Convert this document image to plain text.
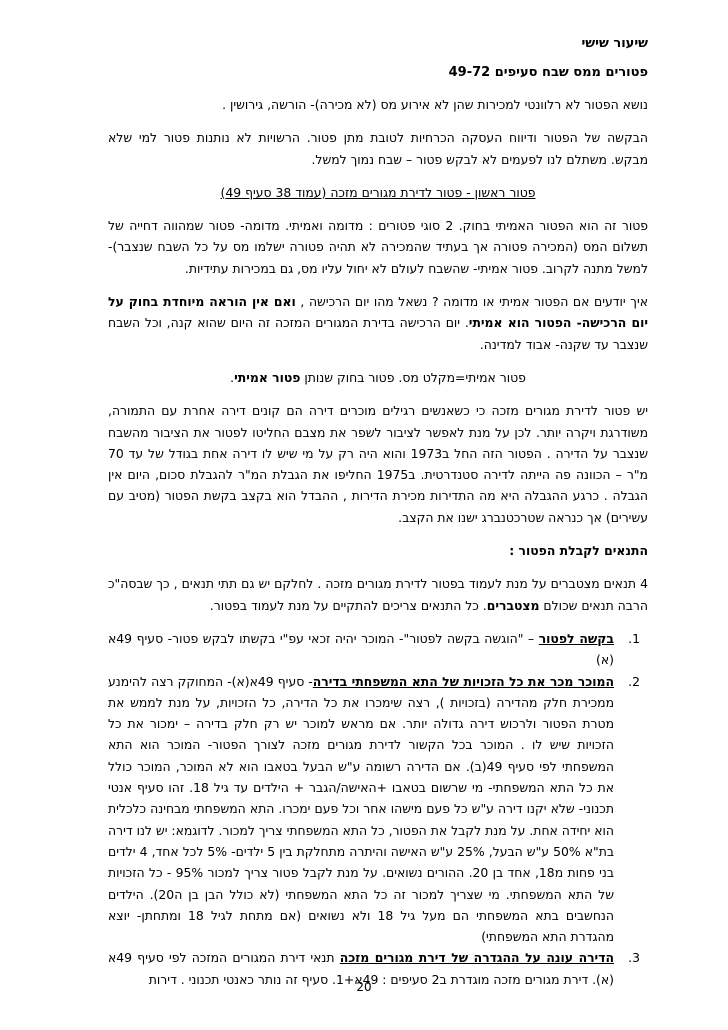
שיעור שישי
פטורים ממס שבח סעיפים 49-72

נושא הפטור לא רלוונטי למכירות שהן לא אירוע מס (לא מכירה)- הורשה, גירושין .

הבקשה של הפטור ודיווח העסקה הכרחיות לטובת מתן פטור. הרשויות לא נותנות פטור למי שלא מבקש. משתלם לנו לפעמים לא לבקש פטור – שבח נמוך למשל.

פטור ראשון - פטור לדירת מגורים מזכה (עמוד 38 סעיף 49)

פטור זה הוא הפטור האמיתי בחוק. 2 סוגי פטורים : מדומה ואמיתי. מדומה- פטור שמהווה דחייה של תשלום המס (המכירה פטורה אך בעתיד שהמכירה לא תהיה פטורה ישלמו מס על כל השבח שנצבר)- למשל מתנה לקרוב. פטור אמיתי- שהשבח לעולם לא יחול עליו מס, גם במכירות עתידיות.

איך יודעים אם הפטור אמיתי או מדומה ? נשאל מהו יום הרכישה , ואם אין הוראה מיוחדת בחוק על יום הרכישה- הפטור הוא אמיתי. יום הרכישה בדירת המגורים המזכה זה היום שהוא קנה, וכל השבח שנצבר עד שקנה- אבוד למדינה.

פטור אמיתי=מקלט מס. פטור בחוק שנותן פטור אמיתי.

יש פטור לדירת מגורים מזכה כי כשאנשים רגילים מוכרים דירה הם קונים דירה אחרת עם התמורה, משודרגת ויקרה יותר. לכן על מנת לאפשר לציבור לשפר את מצבם החליטו לפטור את הציבור מהשבח שנצבר על הדירה . הפטור הזה החל ב1973 והוא היה רק על מי שיש לו דירה אחת בגודל של עד 70 מ"ר – הכוונה פה הייתה לדירה סטנדרטית. ב1975 החליפו את הגבלת המ"ר להגבלת סכום, היום אין הגבלה . כרגע ההגבלה היא מה התדירות מכירת הדירות , ההבדל הוא בקצב בקשת הפטור (מטיב עם עשירים) אך כנראה שטרכטנברג ישנו את הקצב.

התנאים לקבלת הפטור :

4 תנאים מצטברים על מנת לעמוד בפטור לדירת מגורים מזכה . לחלקם יש גם תתי תנאים , כך שבסה"כ הרבה תנאים שכולם מצטברים. כל התנאים צריכים להתקיים על מנת לעמוד בפטור.

1.
בקשה לפטור – "הוגשה בקשה לפטור"- המוכר יהיה זכאי עפ"י בקשתו לבקש פטור- סעיף 49א (א)
2.
המוכר מכר את כל הזכויות של התא המשפחתי בדירה- סעיף 49א(א)- המחוקק רצה להימנע ממכירת חלק מהדירה (בזכויות ), רצה שימכרו את כל הדירה, כל הזכויות, על מנת לממש את מטרת הפטור ולרכוש דירה גדולה יותר. אם מראש למוכר יש רק חלק בדירה – ימכור את כל הזכויות שיש לו . המוכר בכל הקשור לדירת מגורים מזכה לצורך הפטור- המוכר הוא התא המשפחתי לפי סעיף 49(ב). אם הדירה רשומה ע"ש הבעל בטאבו הוא לא המוכר, המוכר כולל את כל התא המשפחתי- מי שרשום בטאבו +האישה/הגבר + הילדים עד גיל 18. זהו סעיף אנטי תכנוני- שלא יקנו דירה ע"ש כל פעם מישהו אחר וכל פעם ימכרו. התא המשפחתי מבחינה כלכלית הוא יחידה אחת. על מנת לקבל את הפטור, כל התא המשפחתי צריך למכור. לדוגמא: יש לנו דירה בת"א 50% ע"ש הבעל, 25% ע"ש האישה והיתרה מתחלקת בין 5 ילדים- 5% לכל אחד, 4 ילדים בני פחות מ18, אחד בן 20. ההורים נשואים. על מנת לקבל פטור צריך למכור 95% - כל הזכויות של התא המשפחתי. מי שצריך למכור זה כל התא המשפחתי (לא כולל הבן בן ה20). הילדים הנחשבים בתא המשפחתי הם מעל גיל 18 ולא נשואים (אם מתחת לגיל 18 ומתחתן- יוצא מהגדרת התא המשפחתי)
3.
הדירה עונה על ההגדרה של דירת מגורים מזכה תנאי דירת המגורים המזכה לפי סעיף 49א (א). דירת מגורים מזכה מוגדרת ב2 סעיפים : 49א+1. סעיף זה נותר כאנטי תכנוני . דירות
20
